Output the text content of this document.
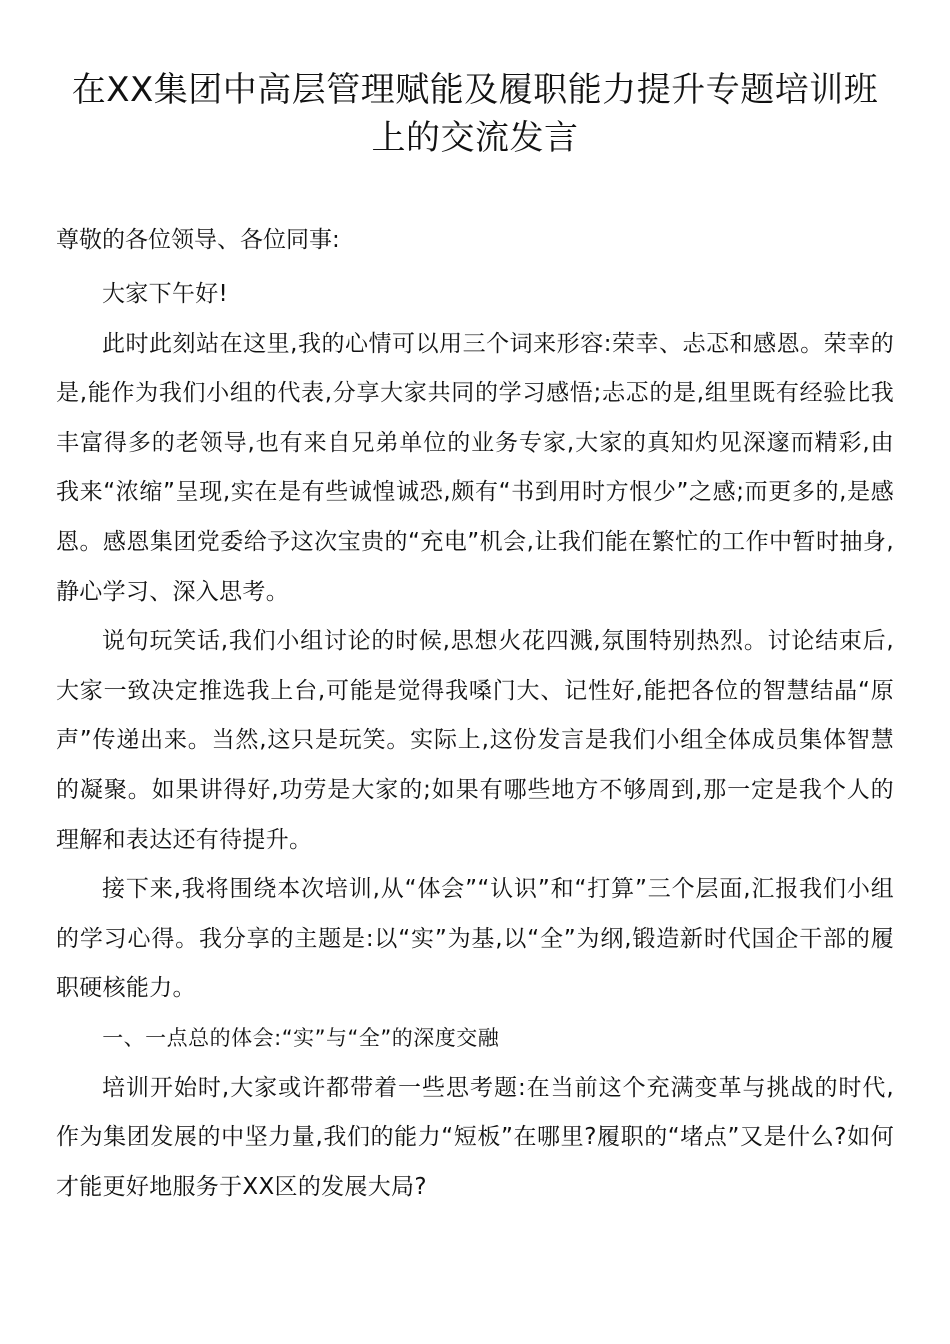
在XX集团中高层管理赋能及履职能力提升专题培训班上的交流发言

尊敬的各位领导、各位同事:

大家下午好!

此时此刻站在这里,我的心情可以用三个词来形容:荣幸、忐忑和感恩。荣幸的是,能作为我们小组的代表,分享大家共同的学习感悟;忐忑的是,组里既有经验比我丰富得多的老领导,也有来自兄弟单位的业务专家,大家的真知灼见深邃而精彩,由我来“浓缩”呈现,实在是有些诚惶诚恐,颇有“书到用时方恨少”之感;而更多的,是感恩。感恩集团党委给予这次宝贵的“充电”机会,让我们能在繁忙的工作中暂时抽身,静心学习、深入思考。

说句玩笑话,我们小组讨论的时候,思想火花四溅,氛围特别热烈。讨论结束后,大家一致决定推选我上台,可能是觉得我嗓门大、记性好,能把各位的智慧结晶“原声”传递出来。当然,这只是玩笑。实际上,这份发言是我们小组全体成员集体智慧的凝聚。如果讲得好,功劳是大家的;如果有哪些地方不够周到,那一定是我个人的理解和表达还有待提升。

接下来,我将围绕本次培训,从“体会”“认识”和“打算”三个层面,汇报我们小组的学习心得。我分享的主题是:以“实”为基,以“全”为纲,锻造新时代国企干部的履职硬核能力。

一、一点总的体会:“实”与“全”的深度交融

培训开始时,大家或许都带着一些思考题:在当前这个充满变革与挑战的时代,作为集团发展的中坚力量,我们的能力“短板”在哪里?履职的“堵点”又是什么?如何才能更好地服务于XX区的发展大局?
